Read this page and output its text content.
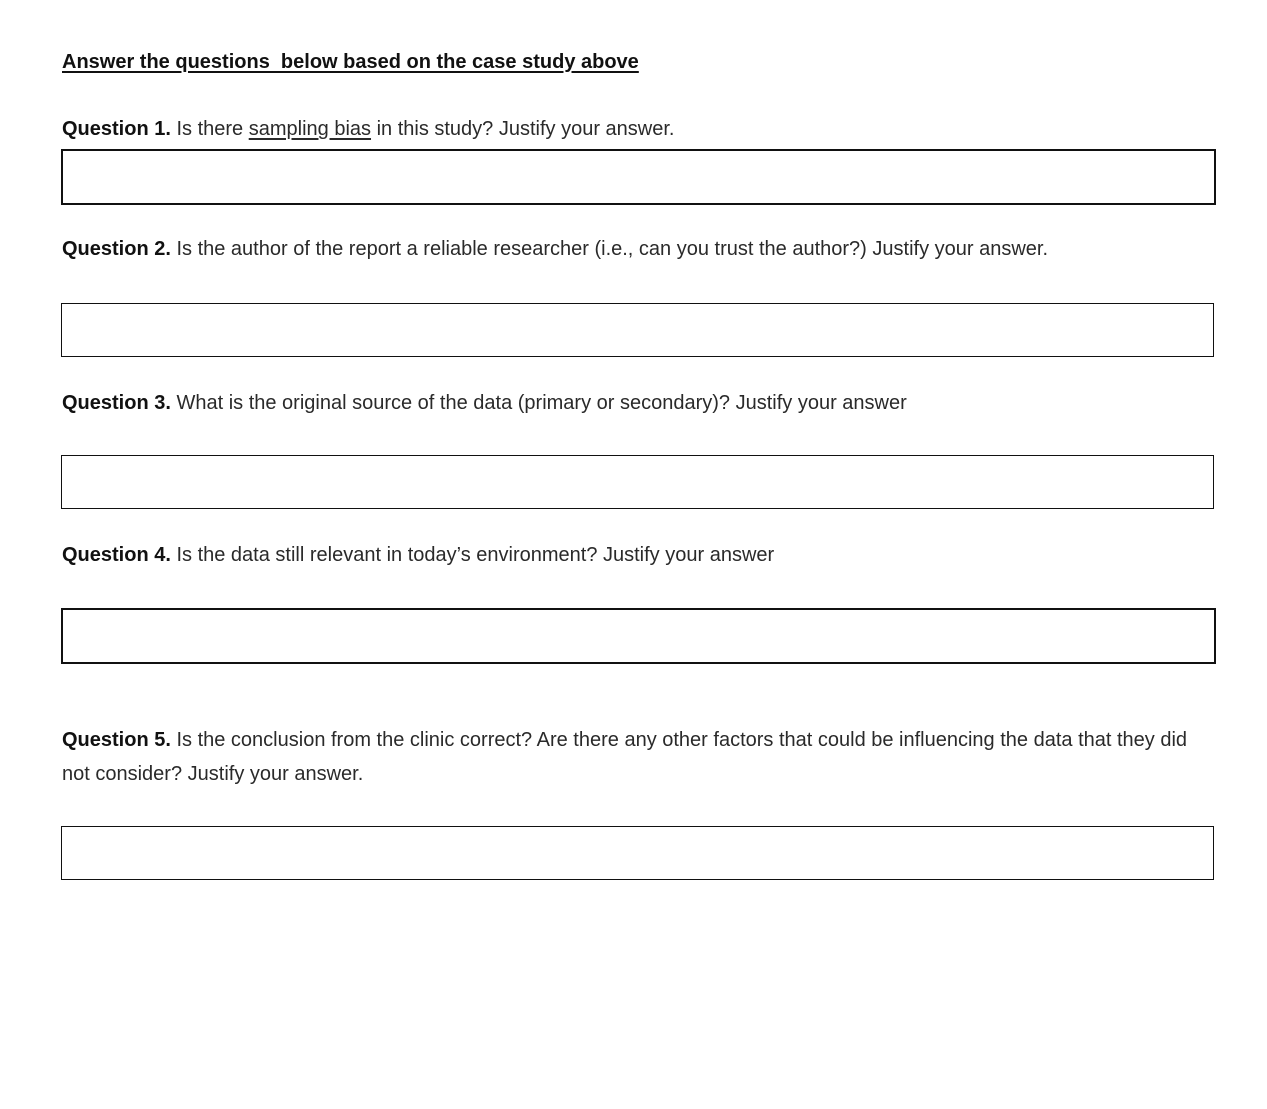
Answer the questions  below based on the case study above

Question 1. Is there sampling bias in this study? Justify your answer.

Question 2. Is the author of the report a reliable researcher (i.e., can you trust the author?) Justify your answer.

Question 3. What is the original source of the data (primary or secondary)? Justify your answer

Question 4. Is the data still relevant in today’s environment? Justify your answer

Question 5. Is the conclusion from the clinic correct? Are there any other factors that could be influencing the data that they did not consider? Justify your answer.
